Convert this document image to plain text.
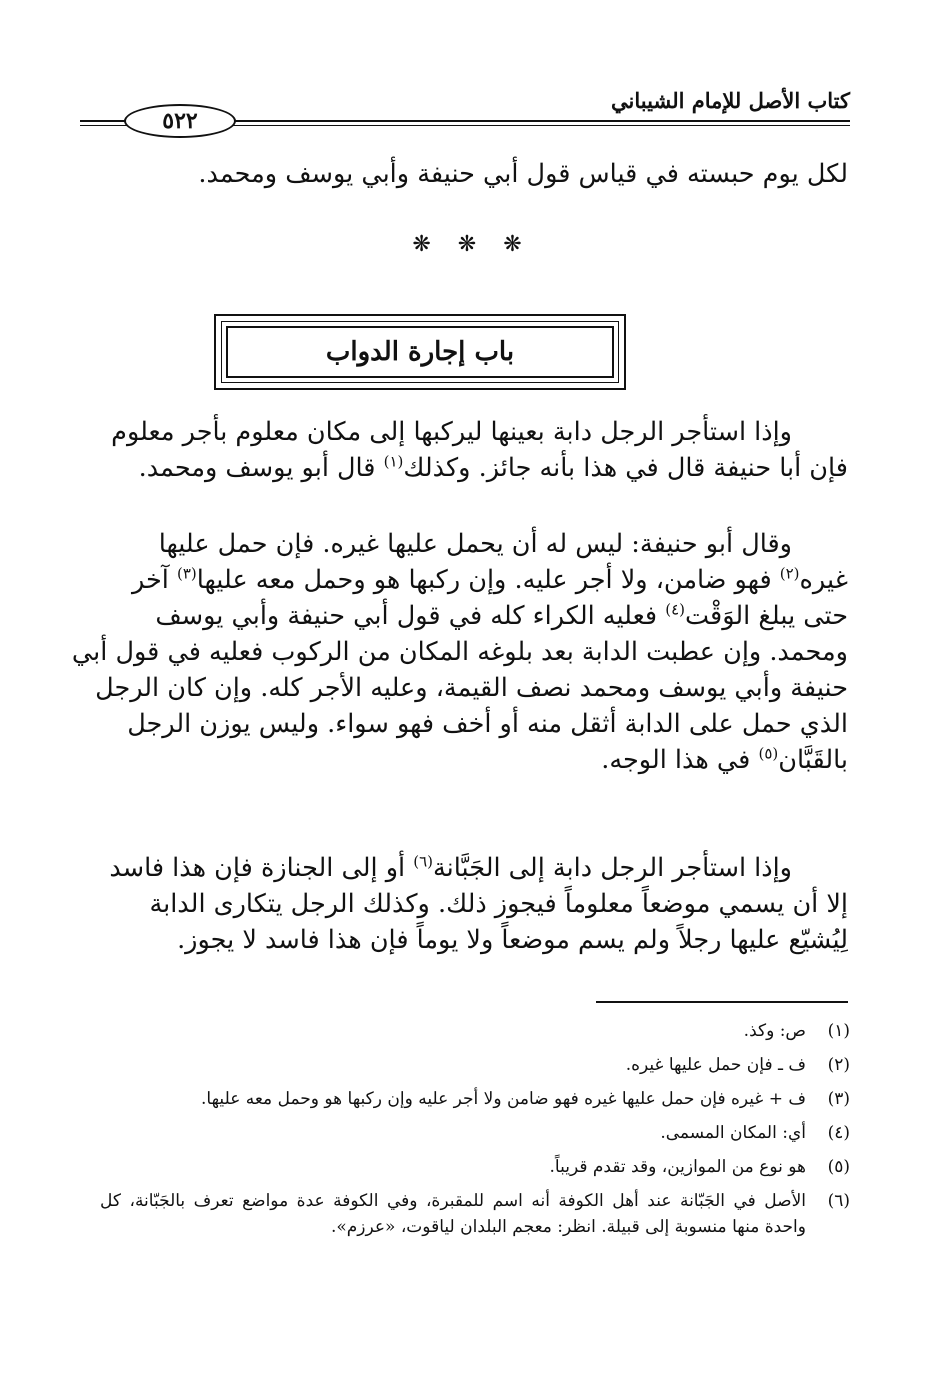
كتاب الأصل للإمام الشيباني
٥٢٢
لكل يوم حبسته في قياس قول أبي حنيفة وأبي يوسف ومحمد.
❋ ❋ ❋
باب إجارة الدواب
وإذا استأجر الرجل دابة بعينها ليركبها إلى مكان معلوم بأجر معلوم
فإن أبا حنيفة قال في هذا بأنه جائز. وكذلك$^{(١)}$ قال أبو يوسف ومحمد.
وقال أبو حنيفة: ليس له أن يحمل عليها غيره. فإن حمل عليها
غيره$^{(٢)}$ فهو ضامن، ولا أجر عليه. وإن ركبها هو وحمل معه عليها$^{(٣)}$ آخر
حتى يبلغ الوَقْت$^{(٤)}$ فعليه الكراء كله في قول أبي حنيفة وأبي يوسف
ومحمد. وإن عطبت الدابة بعد بلوغه المكان من الركوب فعليه في قول أبي
حنيفة وأبي يوسف ومحمد نصف القيمة، وعليه الأجر كله. وإن كان الرجل
الذي حمل على الدابة أثقل منه أو أخف فهو سواء. وليس يوزن الرجل
بالقَبَّان$^{(٥)}$ في هذا الوجه.
وإذا استأجر الرجل دابة إلى الجَبَّانة$^{(٦)}$ أو إلى الجنازة فإن هذا فاسد
إلا أن يسمي موضعاً معلوماً فيجوز ذلك. وكذلك الرجل يتكارى الدابة
لِيُشيّع عليها رجلاً ولم يسم موضعاً ولا يوماً فإن هذا فاسد لا يجوز.
(١)
ص: وكذ.
(٢)
ف ـ فإن حمل عليها غيره.
(٣)
ف + غيره فإن حمل عليها غيره فهو ضامن ولا أجر عليه وإن ركبها هو وحمل معه عليها.
(٤)
أي: المكان المسمى.
(٥)
هو نوع من الموازين، وقد تقدم قريباً.
(٦)
الأصل في الجَبّانة عند أهل الكوفة أنه اسم للمقبرة، وفي الكوفة عدة مواضع تعرف بالجَبّانة، كل واحدة منها منسوبة إلى قبيلة. انظر: معجم البلدان لياقوت، «عرزم».
